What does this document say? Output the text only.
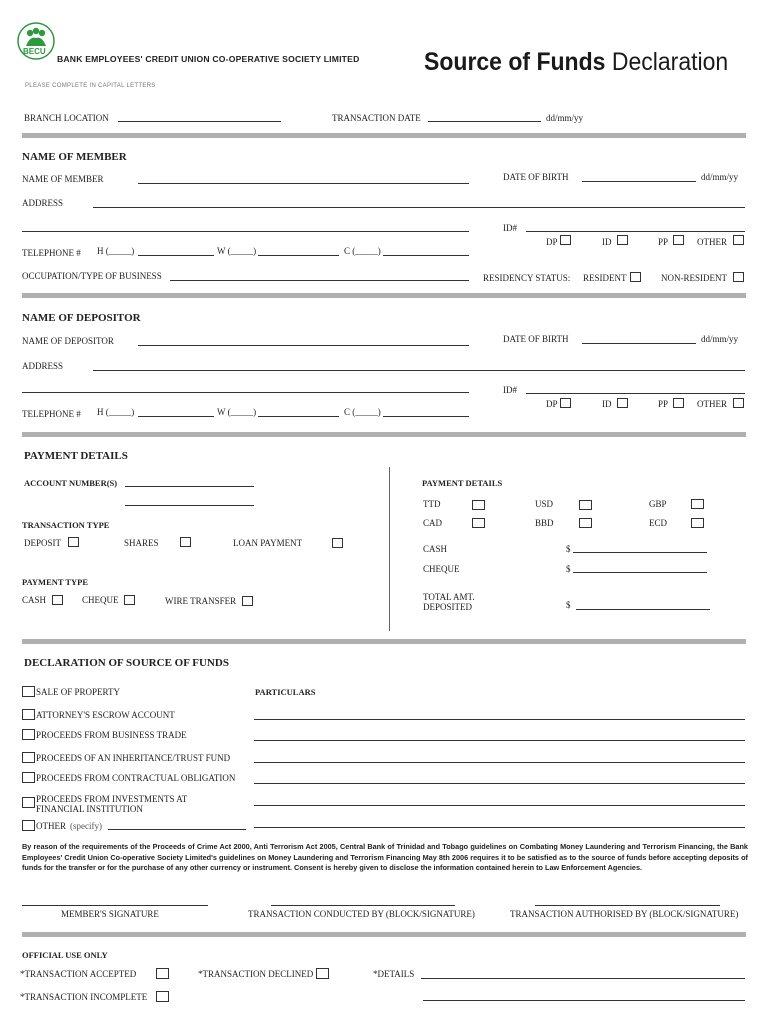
BECU
BANK EMPLOYEES' CREDIT UNION CO-OPERATIVE SOCIETY LIMITED	Source of Funds Declaration
PLEASE COMPLETE IN CAPITAL LETTERS
BRANCH LOCATION	TRANSACTION DATE	dd/mm/yy
NAME OF MEMBER
NAME OF MEMBER	DATE OF BIRTH	dd/mm/yy
ADDRESS
ID#
DP	ID	PP	OTHER
TELEPHONE # H (_____)	W (_____)	C (_____)
OCCUPATION/TYPE OF BUSINESS	RESIDENCY STATUS: RESIDENT	NON-RESIDENT
NAME OF DEPOSITOR
NAME OF DEPOSITOR	DATE OF BIRTH	dd/mm/yy
ADDRESS
ID#
DP	ID	PP	OTHER
TELEPHONE # H (_____)	W (_____)	C (_____)
PAYMENT DETAILS
ACCOUNT NUMBER(S)
TRANSACTION TYPE
DEPOSIT	SHARES	LOAN PAYMENT
PAYMENT TYPE
CASH	CHEQUE	WIRE TRANSFER
PAYMENT DETAILS
TTD	USD	GBP
CAD	BBD	ECD
CASH	$
CHEQUE	$
TOTAL AMT.
DEPOSITED	$
DECLARATION OF SOURCE OF FUNDS
PARTICULARS
SALE OF PROPERTY
ATTORNEY'S ESCROW ACCOUNT
PROCEEDS FROM BUSINESS TRADE
PROCEEDS OF AN INHERITANCE/TRUST FUND
PROCEEDS FROM CONTRACTUAL OBLIGATION
PROCEEDS FROM INVESTMENTS AT
FINANCIAL INSTITUTION
OTHER (specify)
By reason of the requirements of the Proceeds of Crime Act 2000, Anti Terrorism Act 2005, Central Bank of Trinidad and Tobago guidelines on Combating Money Laundering and Terrorism Financing, the Bank Employees' Credit Union Co-operative Society Limited's guidelines on Money Laundering and Terrorism Financing May 8th 2006 requires it to be satisfied as to the source of funds before accepting deposits of funds for the transfer or for the purchase of any other currency or instrument. Consent is hereby given to disclose the information contained herein to Law Enforcement Agencies.
MEMBER'S SIGNATURE	TRANSACTION CONDUCTED BY (BLOCK/SIGNATURE)	TRANSACTION AUTHORISED BY (BLOCK/SIGNATURE)
OFFICIAL USE ONLY
*TRANSACTION ACCEPTED	*TRANSACTION DECLINED	*DETAILS
*TRANSACTION INCOMPLETE
